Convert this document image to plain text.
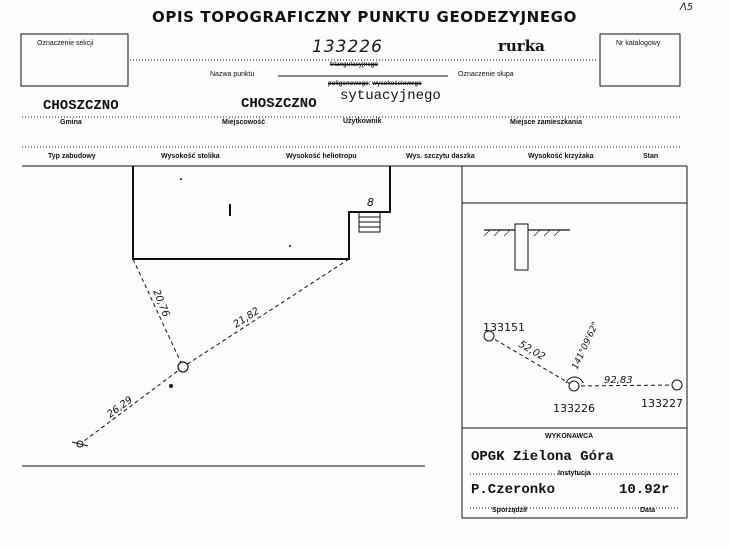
OPIS TOPOGRAFICZNY PUNKTU GEODEZYJNEGO
ᐱ5
Oznaczenie sekcji	Nr katalogowy
133226	rurka
triangulacyjnego
Nazwa punktu	Oznaczenie słupa
poligonowego: wysokościowego
sytuacyjnego
CHOSZCZNO	CHOSZCZNO
Gmina	Miejscowość	Użytkownik	Miejsce zamieszkania
Typ zabudowy	Wysokość stolika	Wysokość heliotropu	Wys. szczytu daszka	Wysokość krzyżaka	Stan
8
20,76	21,82
26,29
133151
133226	133227
52,02
92,83
141°09'62"
WYKONAWCA
OPGK Zielona Góra
Instytucja
P.Czeronko	10.92r
Sporządził	Data
